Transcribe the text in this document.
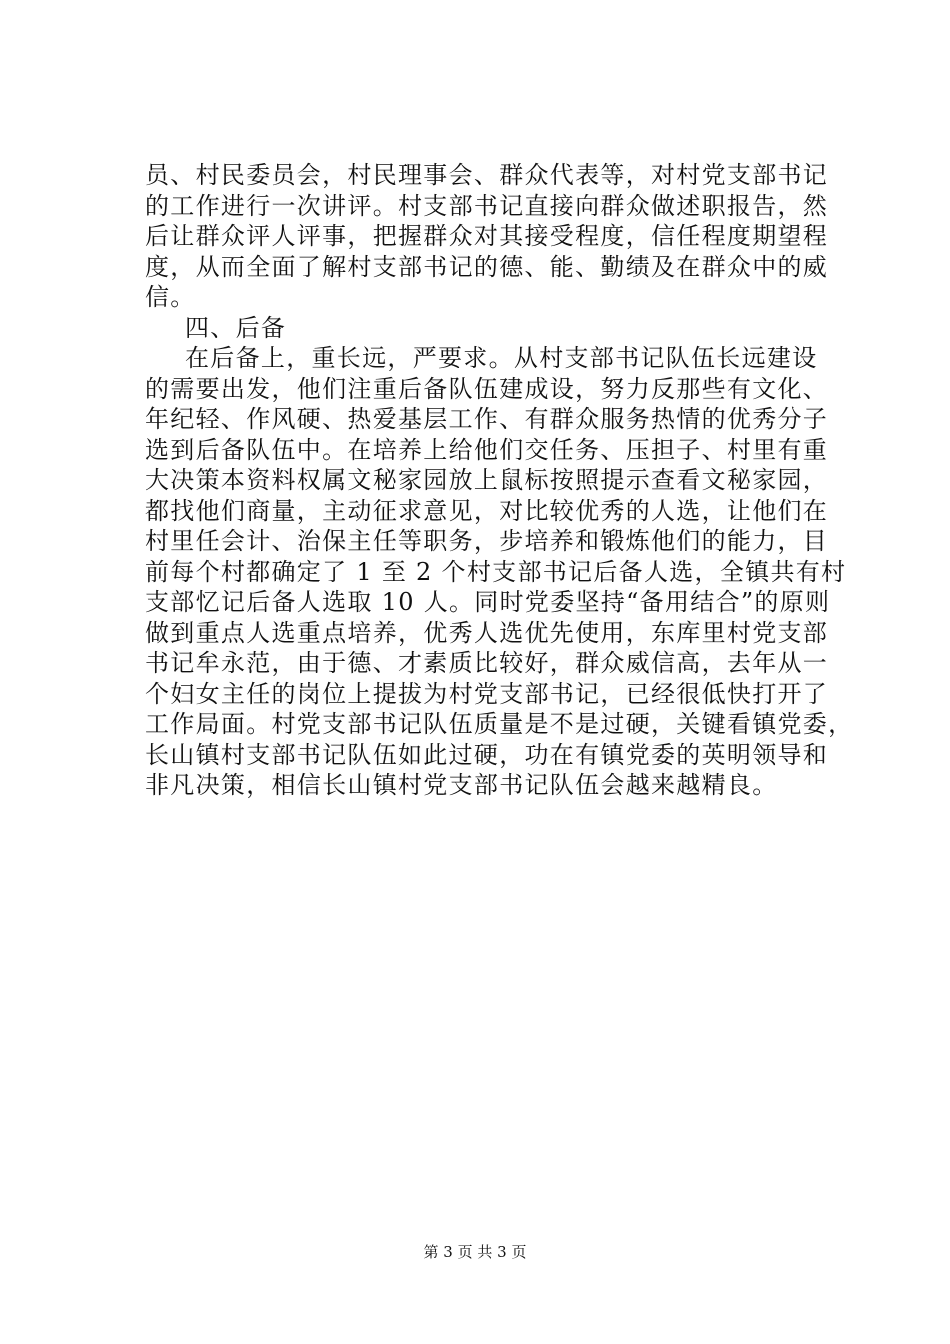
员、村民委员会，村民理事会、群众代表等，对村党支部书记
的工作进行一次讲评。村支部书记直接向群众做述职报告，然
后让群众评人评事，把握群众对其接受程度，信任程度期望程
度，从而全面了解村支部书记的德、能、勤绩及在群众中的威
信。
四、后备
在后备上，重长远，严要求。从村支部书记队伍长远建设
的需要出发，他们注重后备队伍建成设，努力反那些有文化、
年纪轻、作风硬、热爱基层工作、有群众服务热情的优秀分子
选到后备队伍中。在培养上给他们交任务、压担子、村里有重
大决策本资料权属文秘家园放上鼠标按照提示查看文秘家园，
都找他们商量，主动征求意见，对比较优秀的人选，让他们在
村里任会计、治保主任等职务，步培养和锻炼他们的能力，目
前每个村都确定了 1 至 2 个村支部书记后备人选，全镇共有村
支部忆记后备人选取 10 人。同时党委坚持“备用结合”的原则
做到重点人选重点培养，优秀人选优先使用，东库里村党支部
书记牟永范，由于德、才素质比较好，群众威信高，去年从一
个妇女主任的岗位上提拔为村党支部书记，已经很低快打开了
工作局面。村党支部书记队伍质量是不是过硬，关键看镇党委，
长山镇村支部书记队伍如此过硬，功在有镇党委的英明领导和
非凡决策，相信长山镇村党支部书记队伍会越来越精良。
第 3 页 共 3 页
